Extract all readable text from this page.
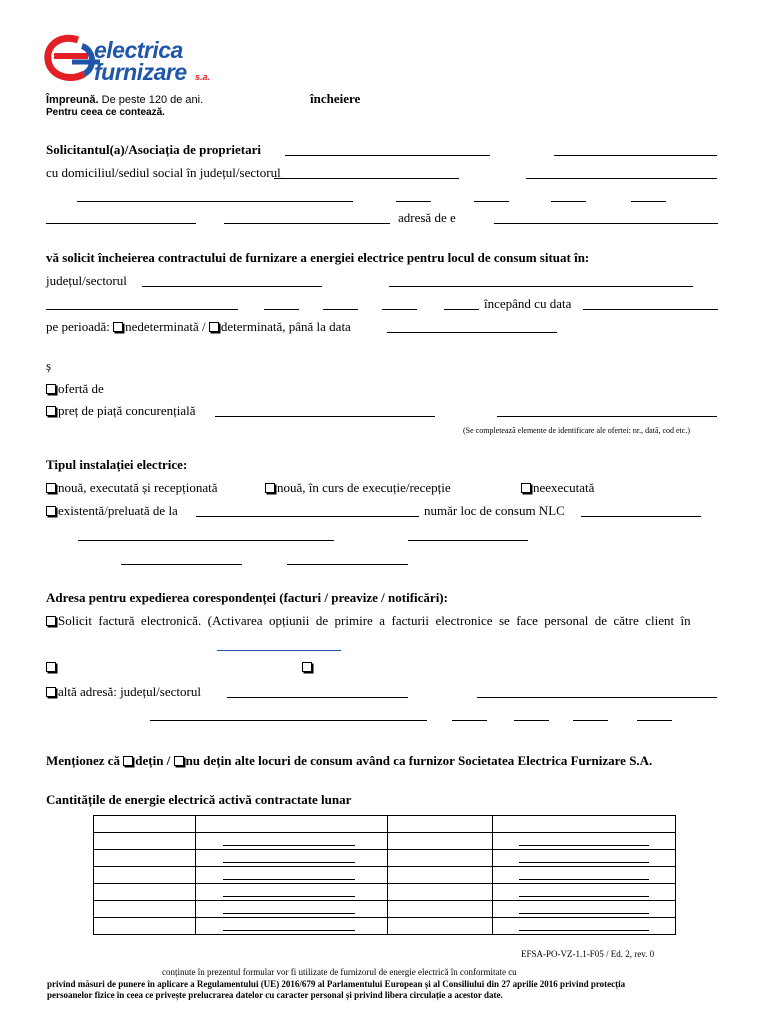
electrica
furnizare s.a.
Împreună. De peste 120 de ani.
Pentru ceea ce contează.
încheiere
Solicitantul(a)/Asociația de proprietari
cu domiciliul/sediul social în județul/sectorul
adresă de e
vă solicit încheierea contractului de furnizare a energiei electrice pentru locul de consum situat în:
județul/sectorul
începând cu data
pe perioadă: nedeterminată / determinată, până la data
ș
ofertă de
preț de piață concurențială
(Se completează elemente de identificare ale ofertei: nr., dată, cod etc.)
Tipul instalației electrice:
nouă, executată și recepționată	nouă, în curs de execuție/recepție	neexecutată
existentă/preluată de la	număr loc de consum NLC
Adresa pentru expedierea corespondenței (facturi / preavize / notificări):
Solicit factură electronică. (Activarea opțiunii de primire a facturii electronice se face personal de către client în
altă adresă: județul/sectorul
Menționez că dețin / nu dețin alte locuri de consum având ca furnizor Societatea Electrica Furnizare S.A.
Cantitățile de energie electrică activă contractate lunar

EFSA-PO-VZ-1.1-F05 / Ed. 2, rev. 0
conținute în prezentul formular vor fi utilizate de furnizorul de energie electrică în conformitate cu
privind măsuri de punere în aplicare a Regulamentului (UE) 2016/679 al Parlamentului European și al Consiliului din 27 aprilie 2016 privind protecția
persoanelor fizice în ceea ce privește prelucrarea datelor cu caracter personal și privind libera circulație a acestor date.
